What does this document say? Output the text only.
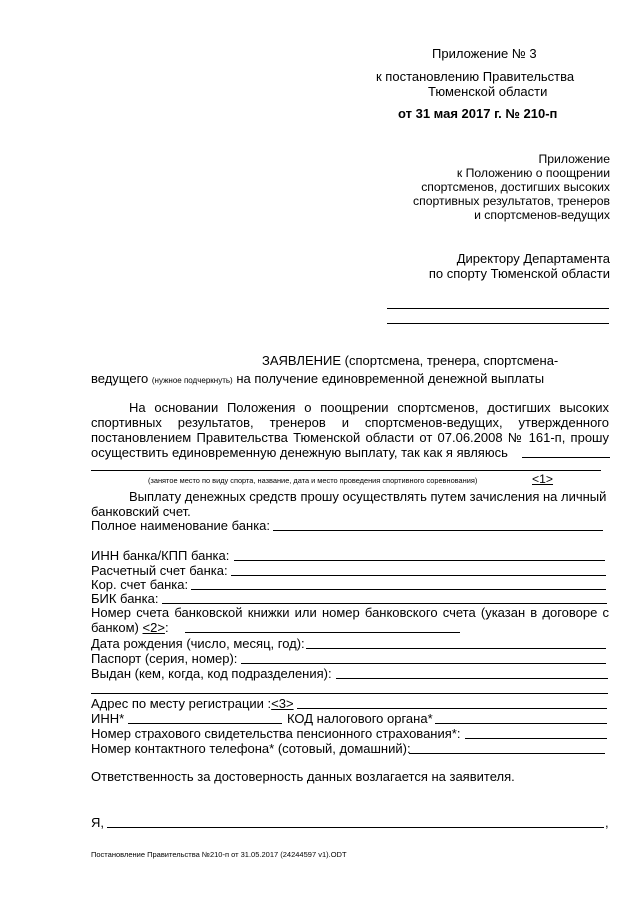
Приложение № 3
к постановлению Правительства
Тюменской области
от 31 мая 2017 г. № 210-п
Приложение
к Положению о поощрении
спортсменов, достигших высоких
спортивных результатов, тренеров
и спортсменов-ведущих
Директору Департамента
по спорту Тюменской области
ЗАЯВЛЕНИЕ (спортсмена, тренера, спортсмена-
ведущего (нужное подчеркнуть) на получение единовременной денежной выплаты
На основании Положения о поощрении спортсменов, достигших высоких
спортивных результатов, тренеров и спортсменов-ведущих, утвержденного
постановлением Правительства Тюменской области от 07.06.2008 № 161-п, прошу
осуществить единовременную денежную выплату, так как я являюсь
(занятое место по виду спорта, название, дата и место проведения спортивного соревнования)	<1>
Выплату денежных средств прошу осуществлять путем зачисления на личный
банковский счет.
Полное наименование банка:
ИНН банка/КПП банка:
Расчетный счет банка:
Кор. счет банка:
БИК банка:
Номер счета банковской книжки или номер банковского счета (указан в договоре с
банком) <2>:
Дата рождения (число, месяц, год):
Паспорт (серия, номер):
Выдан (кем, когда, код подразделения):
Адрес по месту регистрации :<3>
ИНН*	КОД налогового органа*
Номер страхового свидетельства пенсионного страхования*:
Номер контактного телефона* (сотовый, домашний):
Ответственность за достоверность данных возлагается на заявителя.
Я,	,
Постановление Правительства №210-п от 31.05.2017 (24244597 v1).ODT
